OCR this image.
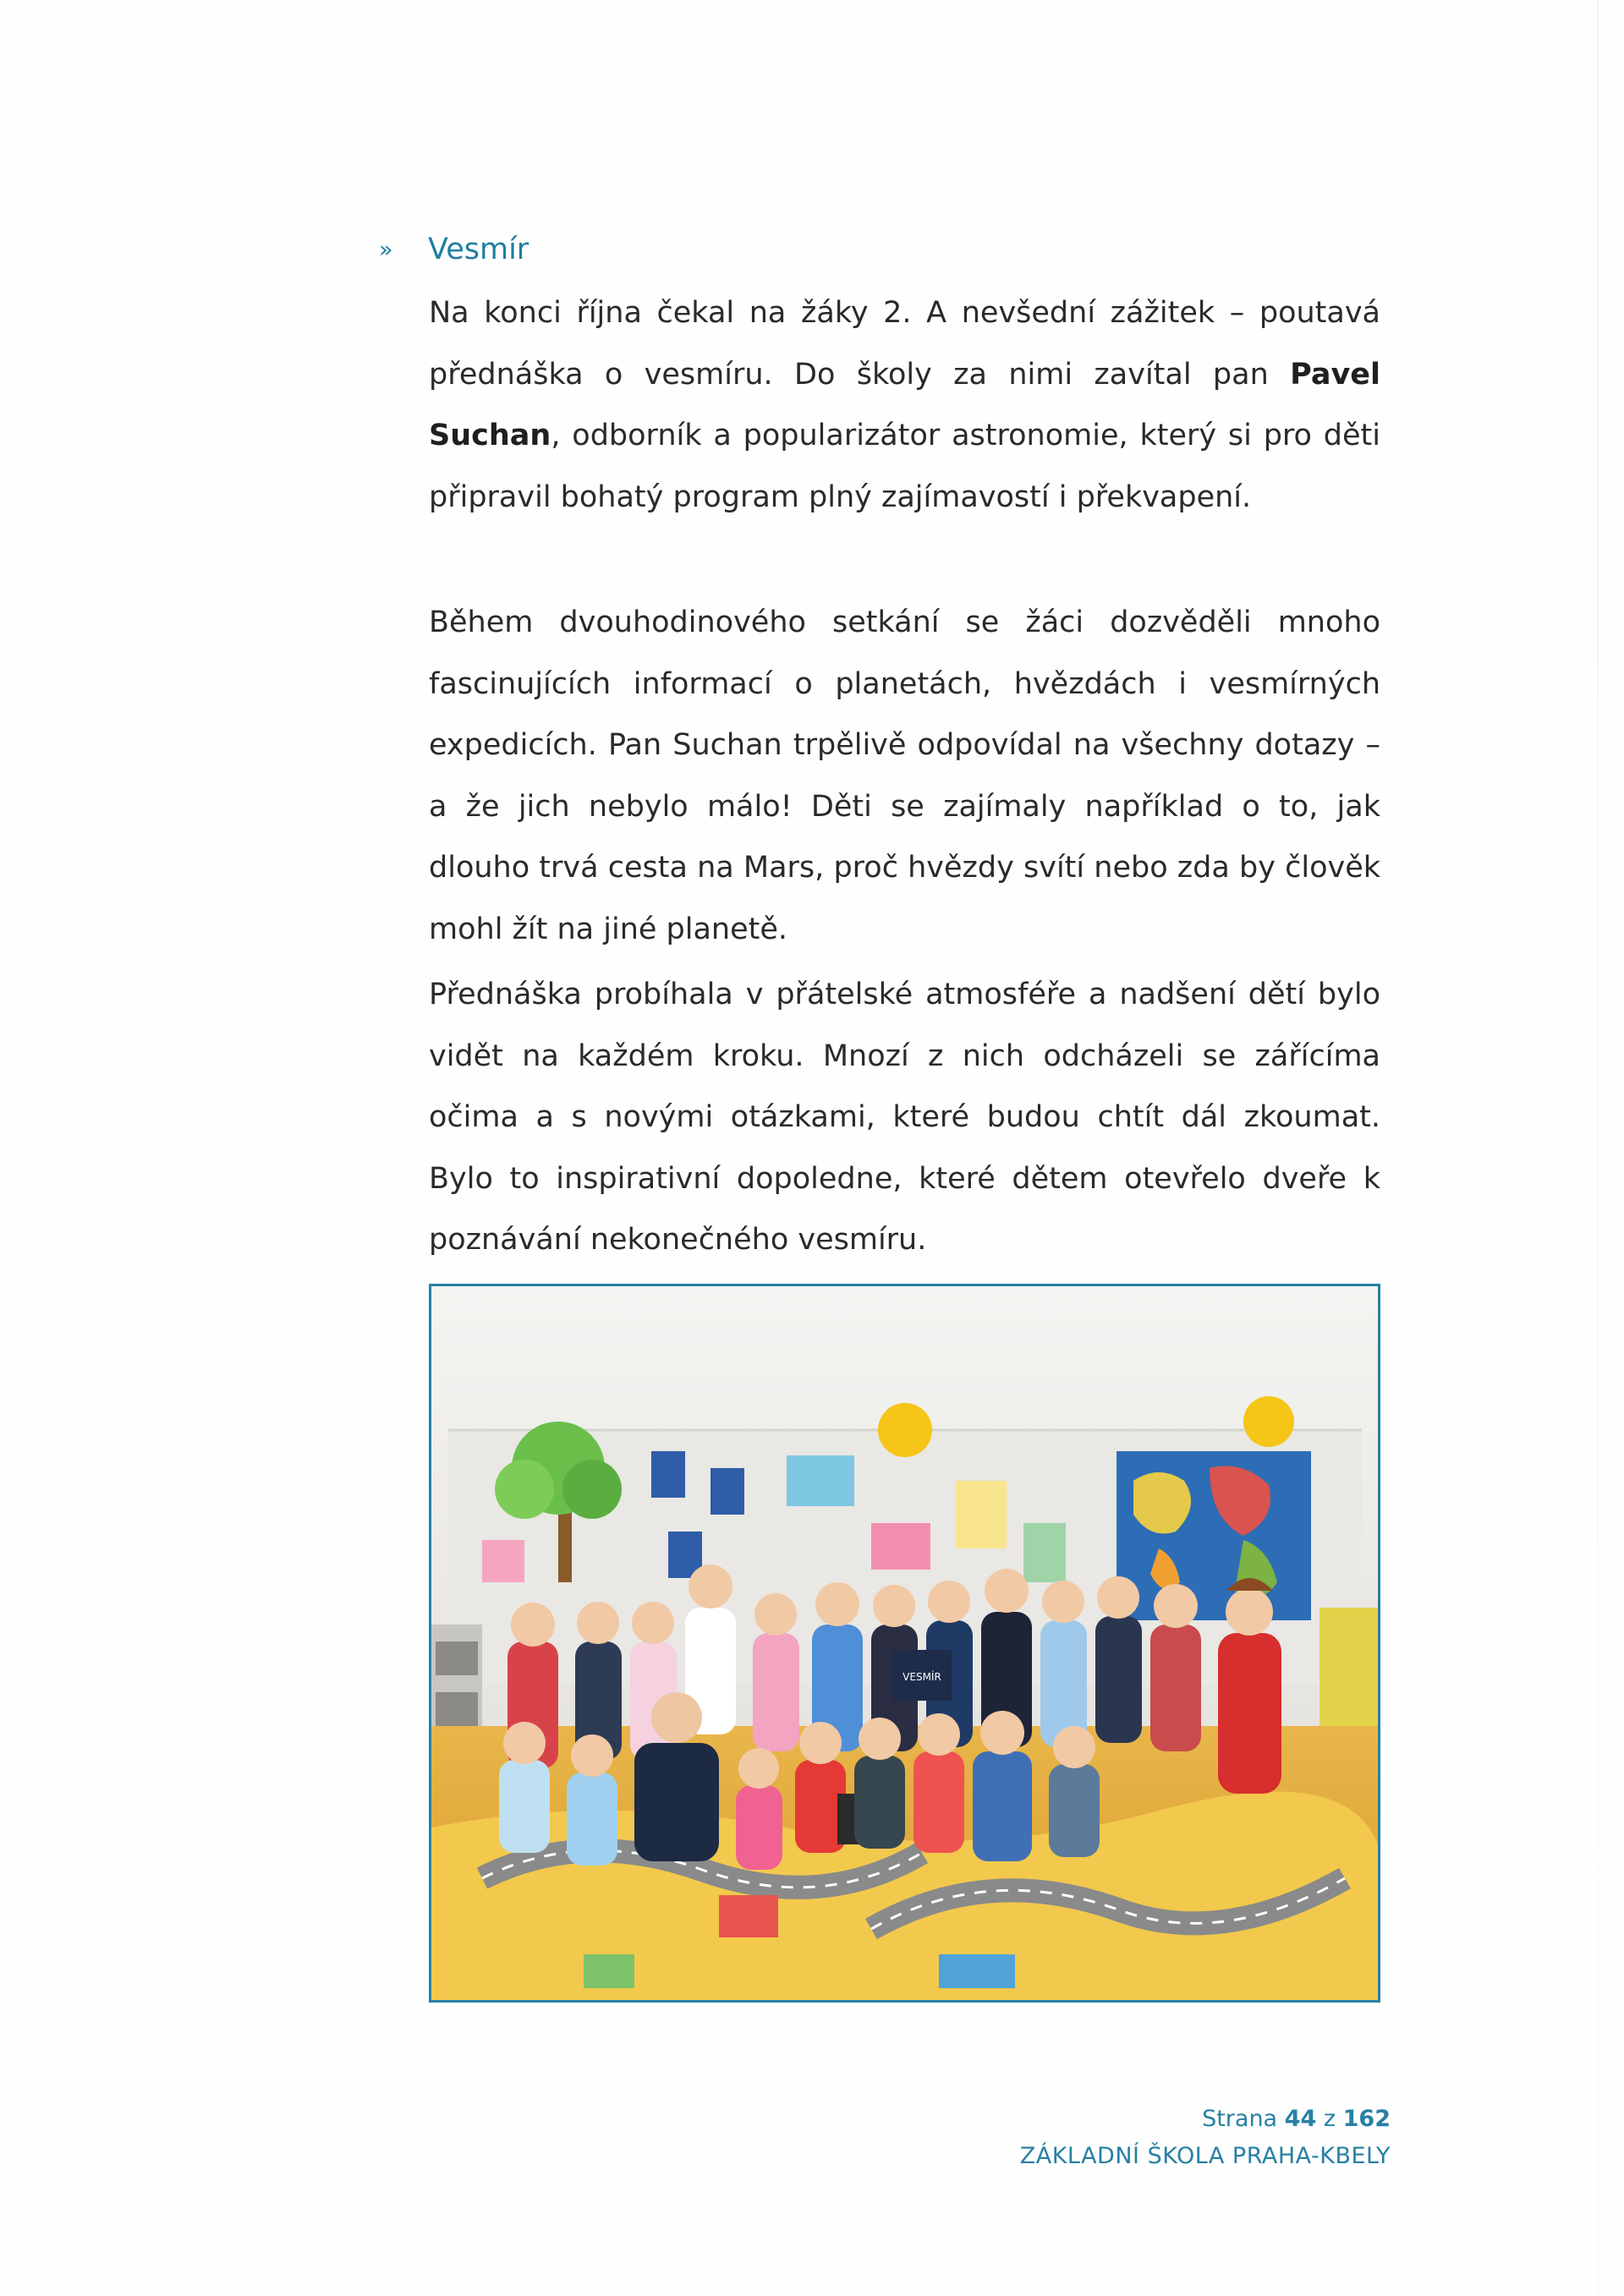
»	Vesmír
Na konci října čekal na žáky 2. A nevšední zážitek – poutavá přednáška o vesmíru. Do školy za nimi zavítal pan Pavel Suchan, odborník a popularizátor astronomie, který si pro děti připravil bohatý program plný zajímavostí i překvapení.
Během dvouhodinového setkání se žáci dozvěděli mnoho fascinujících informací o planetách, hvězdách i vesmírných expedicích. Pan Suchan trpělivě odpovídal na všechny dotazy – a že jich nebylo málo! Děti se zajímaly například o to, jak dlouho trvá cesta na Mars, proč hvězdy svítí nebo zda by člověk mohl žít na jiné planetě.
Přednáška probíhala v přátelské atmosféře a nadšení dětí bylo vidět na každém kroku. Mnozí z nich odcházeli se zářícíma očima a s novými otázkami, které budou chtít dál zkoumat. Bylo to inspirativní dopoledne, které dětem otevřelo dveře k poznávání nekonečného vesmíru.
VESMÍR
Strana 44 z 162
ZÁKLADNÍ ŠKOLA PRAHA-KBELY
